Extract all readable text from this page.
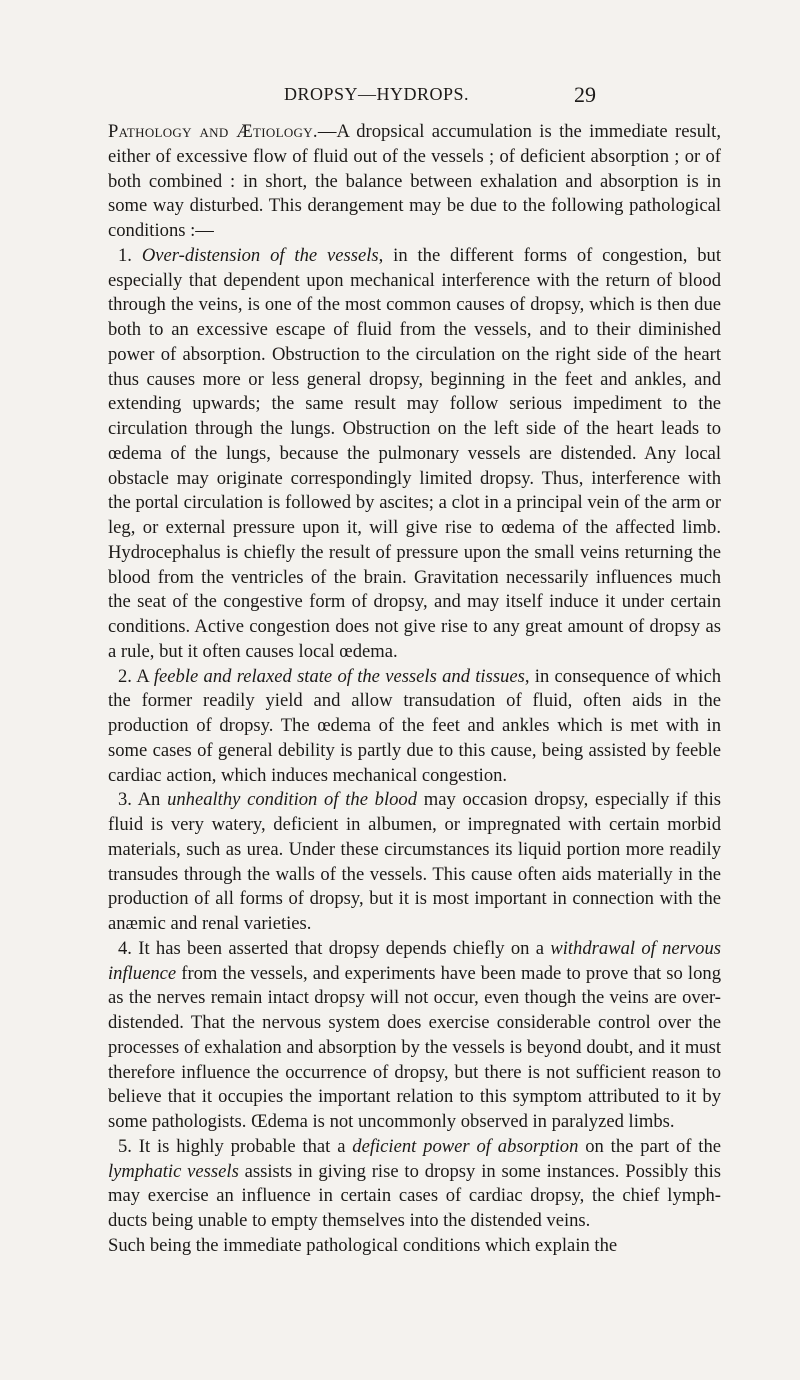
DROPSY—HYDROPS.	29

Pathology and Ætiology.—A dropsical accumulation is the immediate result, either of excessive flow of fluid out of the vessels ; of deficient absorption ; or of both combined : in short, the balance between exhalation and absorption is in some way disturbed. This derangement may be due to the following pathological conditions :—

1. Over-distension of the vessels, in the different forms of congestion, but especially that dependent upon mechanical interference with the return of blood through the veins, is one of the most common causes of dropsy, which is then due both to an excessive escape of fluid from the vessels, and to their diminished power of absorption. Obstruction to the circulation on the right side of the heart thus causes more or less general dropsy, beginning in the feet and ankles, and extending upwards; the same result may follow serious impediment to the circulation through the lungs. Obstruction on the left side of the heart leads to œdema of the lungs, because the pulmonary vessels are distended. Any local obstacle may originate correspondingly limited dropsy. Thus, interference with the portal circulation is followed by ascites; a clot in a principal vein of the arm or leg, or external pressure upon it, will give rise to œdema of the affected limb. Hydrocephalus is chiefly the result of pressure upon the small veins returning the blood from the ventricles of the brain. Gravitation necessarily influences much the seat of the congestive form of dropsy, and may itself induce it under certain conditions. Active congestion does not give rise to any great amount of dropsy as a rule, but it often causes local œdema.

2. A feeble and relaxed state of the vessels and tissues, in consequence of which the former readily yield and allow transudation of fluid, often aids in the production of dropsy. The œdema of the feet and ankles which is met with in some cases of general debility is partly due to this cause, being assisted by feeble cardiac action, which induces mechanical congestion.

3. An unhealthy condition of the blood may occasion dropsy, especially if this fluid is very watery, deficient in albumen, or impregnated with certain morbid materials, such as urea. Under these circumstances its liquid portion more readily transudes through the walls of the vessels. This cause often aids materially in the production of all forms of dropsy, but it is most important in connection with the anæmic and renal varieties.

4. It has been asserted that dropsy depends chiefly on a withdrawal of nervous influence from the vessels, and experiments have been made to prove that so long as the nerves remain intact dropsy will not occur, even though the veins are over-distended. That the nervous system does exercise considerable control over the processes of exhalation and absorption by the vessels is beyond doubt, and it must therefore influence the occurrence of dropsy, but there is not sufficient reason to believe that it occupies the important relation to this symptom attributed to it by some pathologists. Œdema is not uncommonly observed in paralyzed limbs.

5. It is highly probable that a deficient power of absorption on the part of the lymphatic vessels assists in giving rise to dropsy in some instances. Possibly this may exercise an influence in certain cases of cardiac dropsy, the chief lymph-ducts being unable to empty themselves into the distended veins.

Such being the immediate pathological conditions which explain the
